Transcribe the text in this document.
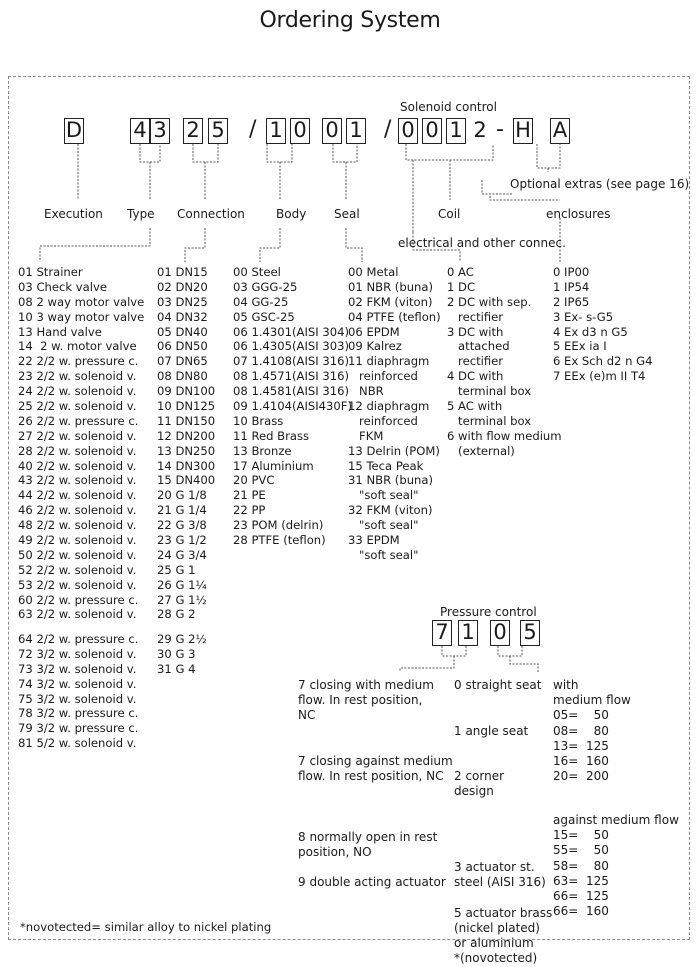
Ordering System
Solenoid control
D 4 3 2 5 / 1 0 0 1 / 0 0 1 2 - H A
Optional extras (see page 16)
Execution Type Connection	Body Seal	Coil	enclosures
electrical and other connec.
01 Strainer
03 Check valve
08 2 way motor valve
10 3 way motor valve
13 Hand valve
14  2 w. motor valve
22 2/2 w. pressure c.
23 2/2 w. solenoid v.
24 2/2 w. solenoid v.
25 2/2 w. solenoid v.
26 2/2 w. pressure c.
27 2/2 w. solenoid v.
28 2/2 w. solenoid v.
40 2/2 w. solenoid v.
43 2/2 w. solenoid v.
44 2/2 w. solenoid v.
46 2/2 w. solenoid v.
48 2/2 w. solenoid v.
49 2/2 w. solenoid v.
50 2/2 w. solenoid v.
52 2/2 w. solenoid v.
53 2/2 w. solenoid v.
60 2/2 w. pressure c.
63 2/2 w. solenoid v.
64 2/2 w. pressure c.
72 3/2 w. solenoid v.
73 3/2 w. solenoid v.
74 3/2 w. solenoid v.
75 3/2 w. solenoid v.
78 3/2 w. pressure c.
79 3/2 w. pressure c.
81 5/2 w. solenoid v.
01 DN15
02 DN20
03 DN25
04 DN32
05 DN40
06 DN50
07 DN65
08 DN80
09 DN100
10 DN125
11 DN150
12 DN200
13 DN250
14 DN300
15 DN400
20 G 1/8
21 G 1/4
22 G 3/8
23 G 1/2
24 G 3/4
25 G 1
26 G 1¼
27 G 1½
28 G 2
29 G 2½
30 G 3
31 G 4
00 Steel
03 GGG-25
04 GG-25
05 GSC-25
06 1.4301(AISI 304)
06 1.4305(AISI 303)
07 1.4108(AISI 316)
08 1.4571(AISI 316)
08 1.4581(AISI 316)
09 1.4104(AISI430F)
10 Brass
11 Red Brass
13 Bronze
17 Aluminium
20 PVC
21 PE
22 PP
23 POM (delrin)
28 PTFE (teflon)
00 Metal
01 NBR (buna)
02 FKM (viton)
04 PTFE (teflon)
06 EPDM
09 Kalrez
11 diaphragm
reinforced
NBR
12 diaphragm
reinforced
FKM
13 Delrin (POM)
15 Teca Peak
31 NBR (buna)
"soft seal"
32 FKM (viton)
"soft seal"
33 EPDM
"soft seal"
0 AC
1 DC
2 DC with sep.
rectifier
3 DC with
attached
rectifier
4 DC with
terminal box
5 AC with
terminal box
6 with flow medium
(external)
0 IP00
1 IP54
2 IP65
3 Ex- s-G5
4 Ex d3 n G5
5 EEx ia I
6 Ex Sch d2 n G4
7 EEx (e)m II T4
Pressure control
7 1 0 5
7 closing with medium
flow. In rest position,
NC
7 closing against medium
flow. In rest position, NC
8 normally open in rest
position, NO
9 double acting actuator
0 straight seat
1 angle seat
2 corner
design
3 actuator st.
steel (AISI 316)
5 actuator brass
(nickel plated)
or aluminium
*(novotected)
with
medium flow
05=    50
08=    80
13=  125
16=  160
20=  200
against medium flow
15=    50
55=    50
58=    80
63=  125
66=  125
66=  160
*novotected= similar alloy to nickel plating
